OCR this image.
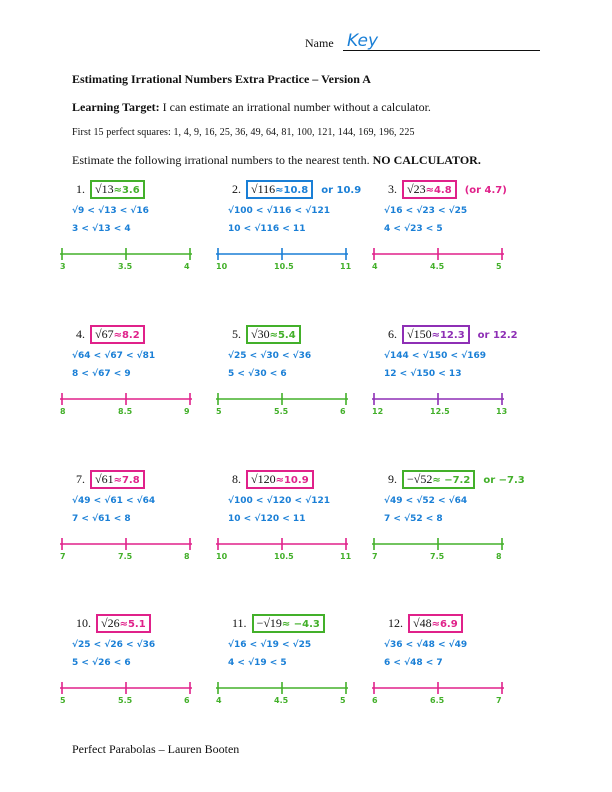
Name Key
Estimating Irrational Numbers Extra Practice – Version A
Learning Target: I can estimate an irrational number without a calculator.
First 15 perfect squares: 1, 4, 9, 16, 25, 36, 49, 64, 81, 100, 121, 144, 169, 196, 225
Estimate the following irrational numbers to the nearest tenth. NO CALCULATOR.
1. √13≈3.6
√9 < √13 < √16
3 < √13 < 4
3	3.5	4
2. √116≈10.8 or 10.9
√100 < √116 < √121
10 < √116 < 11
10	10.5	11
3. √23≈4.8 (or 4.7)
√16 < √23 < √25
4 < √23 < 5
4	4.5	5
4. √67≈8.2
√64 < √67 < √81
8 < √67 < 9
8	8.5	9
5. √30≈5.4
√25 < √30 < √36
5 < √30 < 6
5	5.5	6
6. √150≈12.3 or 12.2
√144 < √150 < √169
12 < √150 < 13
12	12.5	13
7. √61≈7.8
√49 < √61 < √64
7 < √61 < 8
7	7.5	8
8. √120≈10.9
√100 < √120 < √121
10 < √120 < 11
10	10.5	11
9. −√52≈ −7.2 or −7.3
√49 < √52 < √64
7 < √52 < 8
7	7.5	8
10. √26≈5.1
√25 < √26 < √36
5 < √26 < 6
5	5.5	6
11. −√19≈ −4.3
√16 < √19 < √25
4 < √19 < 5
4	4.5	5
12. √48≈6.9
√36 < √48 < √49
6 < √48 < 7
6	6.5	7
Perfect Parabolas – Lauren Booten
